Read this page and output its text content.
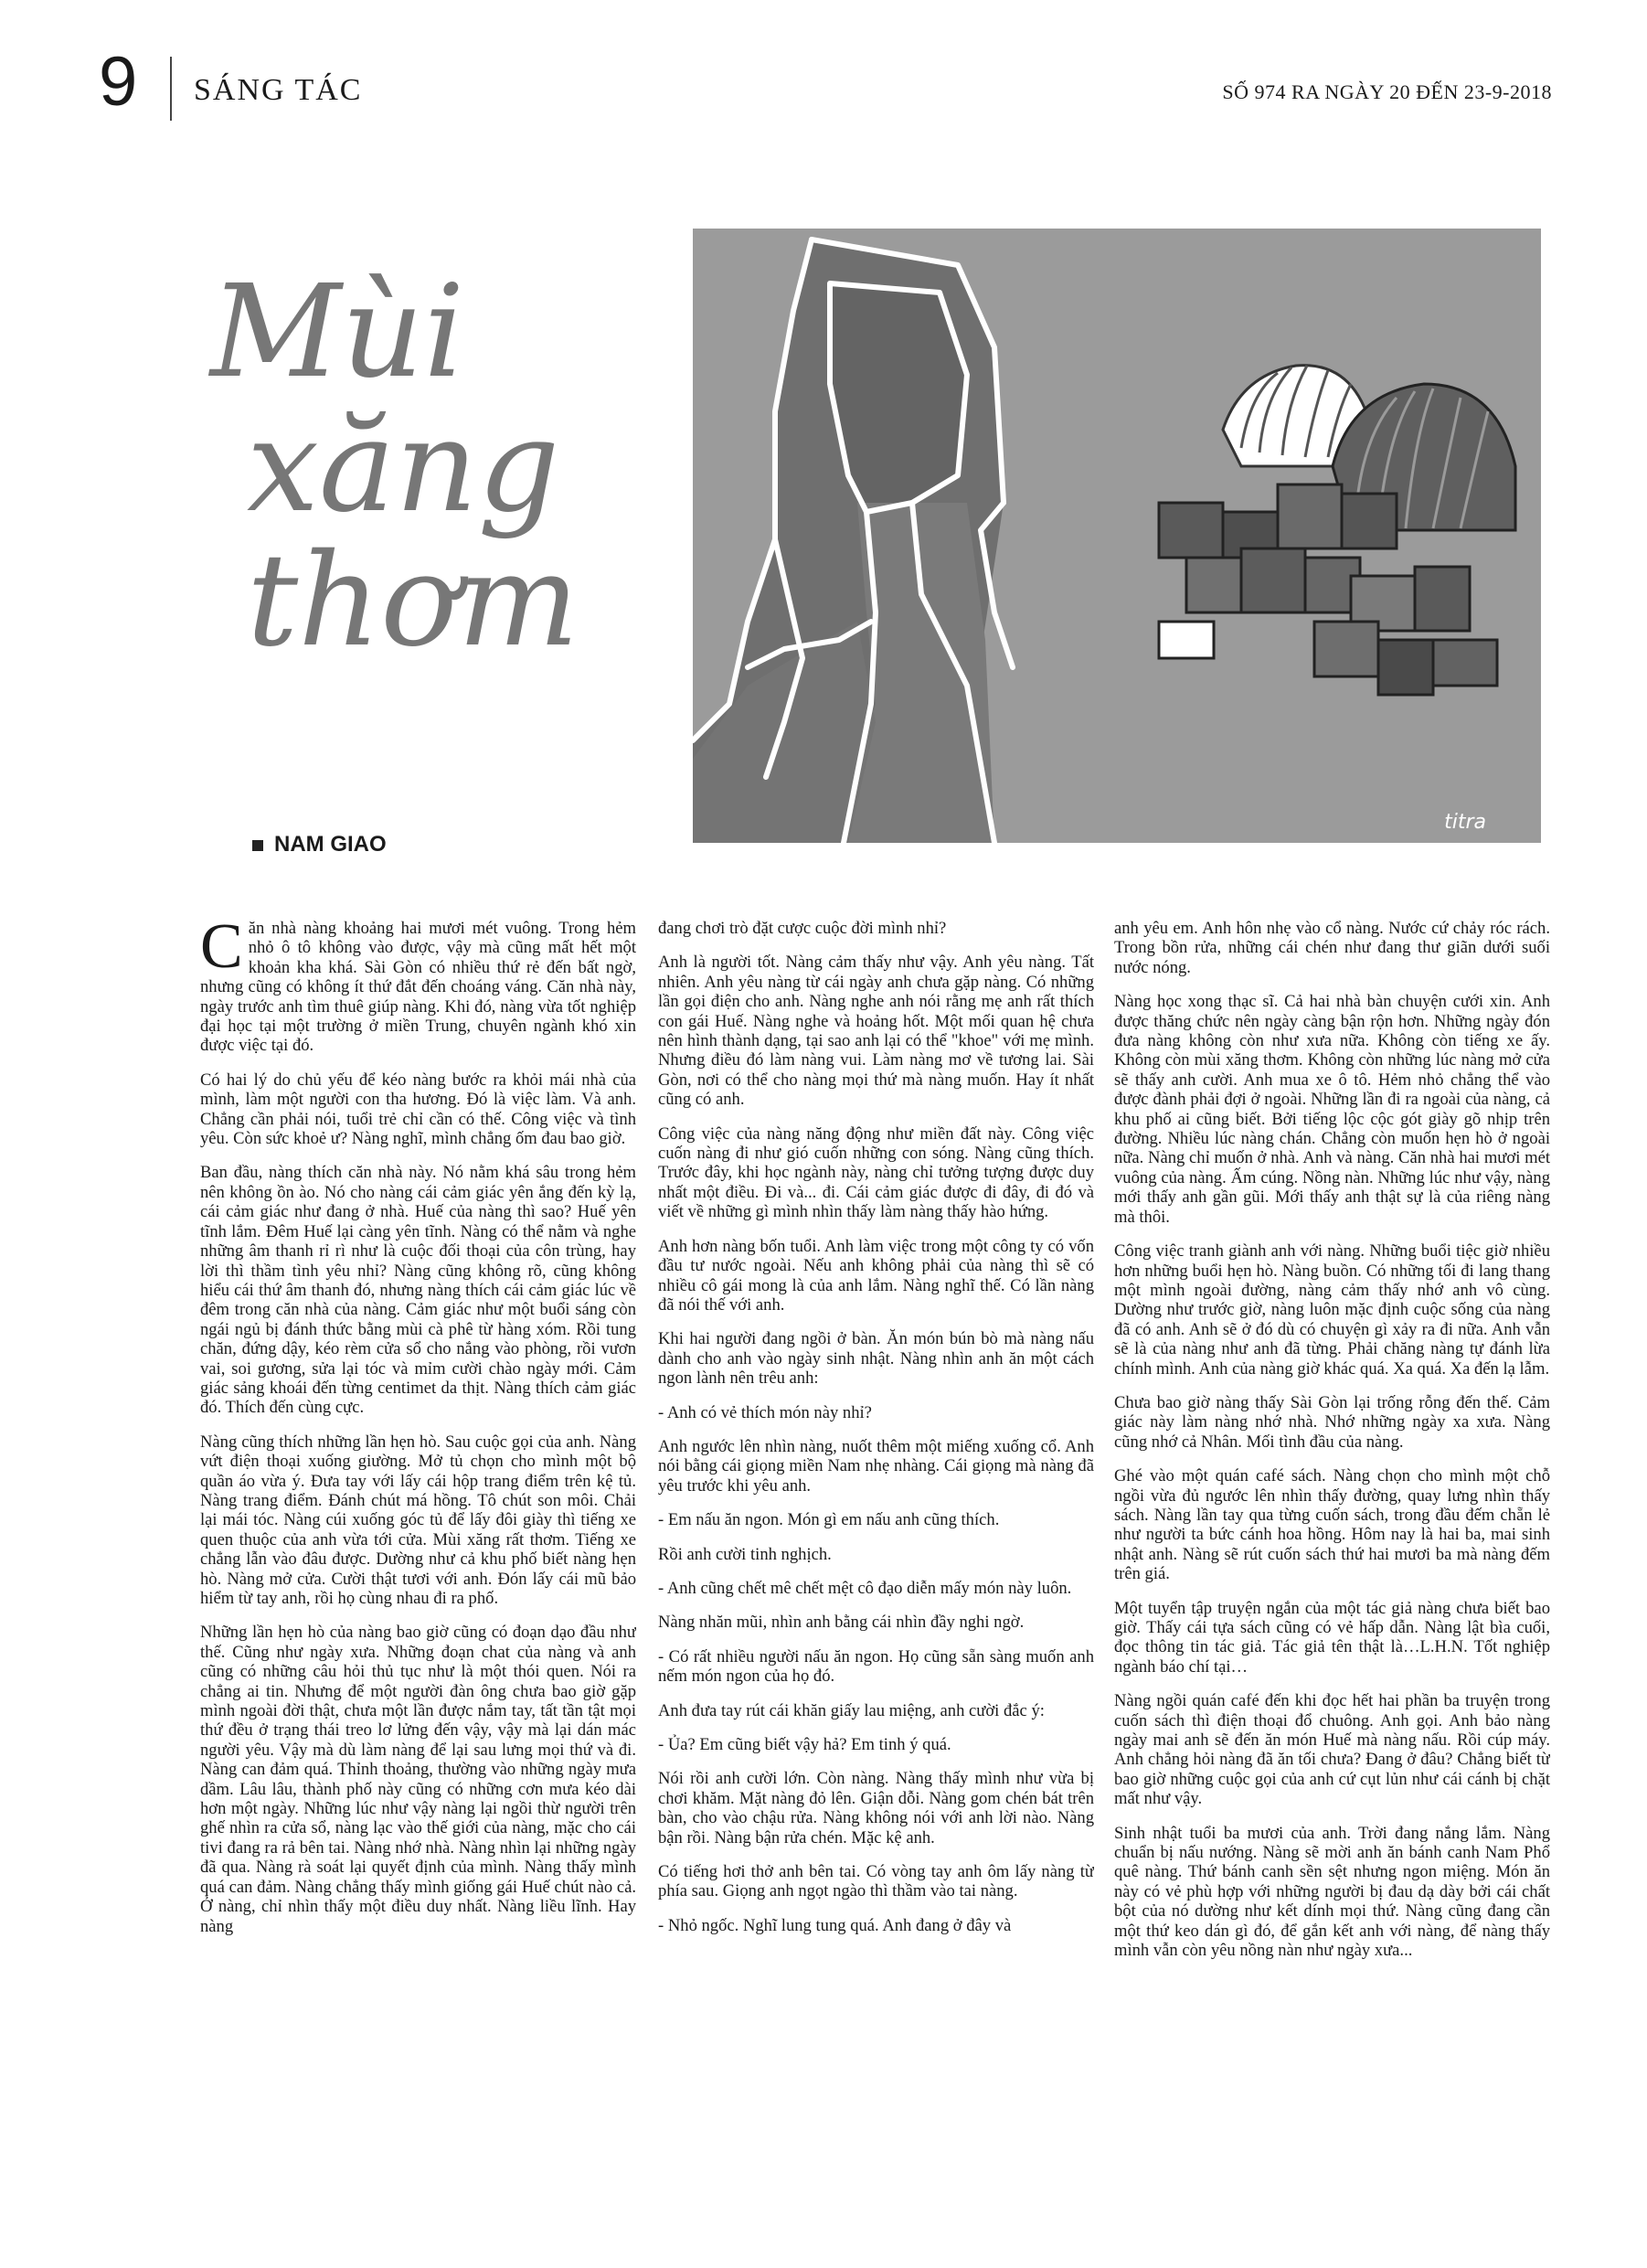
9 SÁNG TÁC	SỐ 974 RA NGÀY 20 ĐẾN 23-9-2018
Mùi
xăng
thơm
NAM GIAO
titra

Căn nhà nàng khoảng hai mươi mét vuông. Trong hẻm nhỏ ô tô không vào được, vậy mà cũng mất hết một khoản kha khá. Sài Gòn có nhiều thứ rẻ đến bất ngờ, nhưng cũng có không ít thứ đắt đến choáng váng. Căn nhà này, ngày trước anh tìm thuê giúp nàng. Khi đó, nàng vừa tốt nghiệp đại học tại một trường ở miền Trung, chuyên ngành khó xin được việc tại đó.

Có hai lý do chủ yếu để kéo nàng bước ra khỏi mái nhà của mình, làm một người con tha hương. Đó là việc làm. Và anh. Chẳng cần phải nói, tuổi trẻ chỉ cần có thế. Công việc và tình yêu. Còn sức khoẻ ư? Nàng nghĩ, mình chẳng ốm đau bao giờ.

Ban đầu, nàng thích căn nhà này. Nó nằm khá sâu trong hẻm nên không ồn ào. Nó cho nàng cái cảm giác yên ắng đến kỳ lạ, cái cảm giác như đang ở nhà. Huế của nàng thì sao? Huế yên tĩnh lắm. Đêm Huế lại càng yên tĩnh. Nàng có thể nằm và nghe những âm thanh rỉ rì như là cuộc đối thoại của côn trùng, hay lời thì thầm tình yêu nhỉ? Nàng cũng không rõ, cũng không hiểu cái thứ âm thanh đó, nhưng nàng thích cái cảm giác lúc về đêm trong căn nhà của nàng. Cảm giác như một buổi sáng còn ngái ngủ bị đánh thức bằng mùi cà phê từ hàng xóm. Rồi tung chăn, đứng dậy, kéo rèm cửa sổ cho nắng vào phòng, rồi vươn vai, soi gương, sửa lại tóc và mỉm cười chào ngày mới. Cảm giác sảng khoái đến từng centimet da thịt. Nàng thích cảm giác đó. Thích đến cùng cực.

Nàng cũng thích những lần hẹn hò. Sau cuộc gọi của anh. Nàng vứt điện thoại xuống giường. Mở tủ chọn cho mình một bộ quần áo vừa ý. Đưa tay với lấy cái hộp trang điểm trên kệ tủ. Nàng trang điểm. Đánh chút má hồng. Tô chút son môi. Chải lại mái tóc. Nàng cúi xuống góc tủ để lấy đôi giày thì tiếng xe quen thuộc của anh vừa tới cửa. Mùi xăng rất thơm. Tiếng xe chẳng lẫn vào đâu được. Dường như cả khu phố biết nàng hẹn hò. Nàng mở cửa. Cười thật tươi với anh. Đón lấy cái mũ bảo hiểm từ tay anh, rồi họ cùng nhau đi ra phố.

Những lần hẹn hò của nàng bao giờ cũng có đoạn dạo đầu như thế. Cũng như ngày xưa. Những đoạn chat của nàng và anh cũng có những câu hỏi thủ tục như là một thói quen. Nói ra chẳng ai tin. Nhưng để một người đàn ông chưa bao giờ gặp mình ngoài đời thật, chưa một lần được nắm tay, tất tần tật mọi thứ đều ở trạng thái treo lơ lửng đến vậy, vậy mà lại dán mác người yêu. Vậy mà dù làm nàng để lại sau lưng mọi thứ và đi. Nàng can đảm quá. Thỉnh thoảng, thường vào những ngày mưa dầm. Lâu lâu, thành phố này cũng có những cơn mưa kéo dài hơn một ngày. Những lúc như vậy nàng lại ngồi thừ người trên ghế nhìn ra cửa sổ, nàng lạc vào thế giới của nàng, mặc cho cái tivi đang ra rả bên tai. Nàng nhớ nhà. Nàng nhìn lại những ngày đã qua. Nàng rà soát lại quyết định của mình. Nàng thấy mình quá can đảm. Nàng chẳng thấy mình giống gái Huế chút nào cả. Ở nàng, chỉ nhìn thấy một điều duy nhất. Nàng liều lĩnh. Hay nàng

đang chơi trò đặt cược cuộc đời mình nhỉ?

Anh là người tốt. Nàng cảm thấy như vậy. Anh yêu nàng. Tất nhiên. Anh yêu nàng từ cái ngày anh chưa gặp nàng. Có những lần gọi điện cho anh. Nàng nghe anh nói rằng mẹ anh rất thích con gái Huế. Nàng nghe và hoảng hốt. Một mối quan hệ chưa nên hình thành dạng, tại sao anh lại có thể "khoe" với mẹ mình. Nhưng điều đó làm nàng vui. Làm nàng mơ về tương lai. Sài Gòn, nơi có thể cho nàng mọi thứ mà nàng muốn. Hay ít nhất cũng có anh.

Công việc của nàng năng động như miền đất này. Công việc cuốn nàng đi như gió cuốn những con sóng. Nàng cũng thích. Trước đây, khi học ngành này, nàng chỉ tưởng tượng được duy nhất một điều. Đi và... đi. Cái cảm giác được đi đây, đi đó và viết về những gì mình nhìn thấy làm nàng thấy hào hứng.

Anh hơn nàng bốn tuổi. Anh làm việc trong một công ty có vốn đầu tư nước ngoài. Nếu anh không phải của nàng thì sẽ có nhiều cô gái mong là của anh lắm. Nàng nghĩ thế. Có lần nàng đã nói thế với anh.

Khi hai người đang ngồi ở bàn. Ăn món bún bò mà nàng nấu dành cho anh vào ngày sinh nhật. Nàng nhìn anh ăn một cách ngon lành nên trêu anh:

- Anh có vẻ thích món này nhỉ?

Anh ngước lên nhìn nàng, nuốt thêm một miếng xuống cổ. Anh nói bằng cái giọng miền Nam nhẹ nhàng. Cái giọng mà nàng đã yêu trước khi yêu anh.

- Em nấu ăn ngon. Món gì em nấu anh cũng thích.

Rồi anh cười tinh nghịch.

- Anh cũng chết mê chết mệt cô đạo diễn mấy món này luôn.

Nàng nhăn mũi, nhìn anh bằng cái nhìn đầy nghi ngờ.

- Có rất nhiều người nấu ăn ngon. Họ cũng sẵn sàng muốn anh nếm món ngon của họ đó.

Anh đưa tay rút cái khăn giấy lau miệng, anh cười đắc ý:

- Ủa? Em cũng biết vậy hả? Em tinh ý quá.

Nói rồi anh cười lớn. Còn nàng. Nàng thấy mình như vừa bị chơi khăm. Mặt nàng đỏ lên. Giận dỗi. Nàng gom chén bát trên bàn, cho vào chậu rửa. Nàng không nói với anh lời nào. Nàng bận rồi. Nàng bận rửa chén. Mặc kệ anh.

Có tiếng hơi thở anh bên tai. Có vòng tay anh ôm lấy nàng từ phía sau. Giọng anh ngọt ngào thì thầm vào tai nàng.

- Nhỏ ngốc. Nghĩ lung tung quá. Anh đang ở đây và

anh yêu em. Anh hôn nhẹ vào cổ nàng. Nước cứ chảy róc rách. Trong bồn rửa, những cái chén như đang thư giãn dưới suối nước nóng.

Nàng học xong thạc sĩ. Cả hai nhà bàn chuyện cưới xin. Anh được thăng chức nên ngày càng bận rộn hơn. Những ngày đón đưa nàng không còn như xưa nữa. Không còn tiếng xe ấy. Không còn mùi xăng thơm. Không còn những lúc nàng mở cửa sẽ thấy anh cười. Anh mua xe ô tô. Hẻm nhỏ chẳng thể vào được đành phải đợi ở ngoài. Những lần đi ra ngoài của nàng, cả khu phố ai cũng biết. Bởi tiếng lộc cộc gót giày gõ nhịp trên đường. Nhiều lúc nàng chán. Chẳng còn muốn hẹn hò ở ngoài nữa. Nàng chỉ muốn ở nhà. Anh và nàng. Căn nhà hai mươi mét vuông của nàng. Ấm cúng. Nồng nàn. Những lúc như vậy, nàng mới thấy anh gần gũi. Mới thấy anh thật sự là của riêng nàng mà thôi.

Công việc tranh giành anh với nàng. Những buổi tiệc giờ nhiều hơn những buổi hẹn hò. Nàng buồn. Có những tối đi lang thang một mình ngoài đường, nàng cảm thấy nhớ anh vô cùng. Dường như trước giờ, nàng luôn mặc định cuộc sống của nàng đã có anh. Anh sẽ ở đó dù có chuyện gì xảy ra đi nữa. Anh vẫn sẽ là của nàng như anh đã từng. Phải chăng nàng tự đánh lừa chính mình. Anh của nàng giờ khác quá. Xa quá. Xa đến lạ lẫm.

Chưa bao giờ nàng thấy Sài Gòn lại trống rỗng đến thế. Cảm giác này làm nàng nhớ nhà. Nhớ những ngày xa xưa. Nàng cũng nhớ cả Nhân. Mối tình đầu của nàng.

Ghé vào một quán café sách. Nàng chọn cho mình một chỗ ngồi vừa đủ ngước lên nhìn thấy đường, quay lưng nhìn thấy sách. Nàng lần tay qua từng cuốn sách, trong đầu đếm chẵn lẻ như người ta bức cánh hoa hồng. Hôm nay là hai ba, mai sinh nhật anh. Nàng sẽ rút cuốn sách thứ hai mươi ba mà nàng đếm trên giá.

Một tuyển tập truyện ngắn của một tác giả nàng chưa biết bao giờ. Thấy cái tựa sách cũng có vẻ hấp dẫn. Nàng lật bìa cuối, đọc thông tin tác giả. Tác giả tên thật là…L.H.N. Tốt nghiệp ngành báo chí tại…

Nàng ngồi quán café đến khi đọc hết hai phần ba truyện trong cuốn sách thì điện thoại đổ chuông. Anh gọi. Anh bảo nàng ngày mai anh sẽ đến ăn món Huế mà nàng nấu. Rồi cúp máy. Anh chẳng hỏi nàng đã ăn tối chưa? Đang ở đâu? Chẳng biết từ bao giờ những cuộc gọi của anh cứ cụt lủn như cái cánh bị chặt mất như vậy.

Sinh nhật tuổi ba mươi của anh. Trời đang nắng lắm. Nàng chuẩn bị nấu nướng. Nàng sẽ mời anh ăn bánh canh Nam Phổ quê nàng. Thứ bánh canh sền sệt nhưng ngon miệng. Món ăn này có vẻ phù hợp với những người bị đau dạ dày bởi cái chất bột của nó dường như kết dính mọi thứ. Nàng cũng đang cần một thứ keo dán gì đó, để gắn kết anh với nàng, để nàng thấy mình vẫn còn yêu nồng nàn như ngày xưa...
